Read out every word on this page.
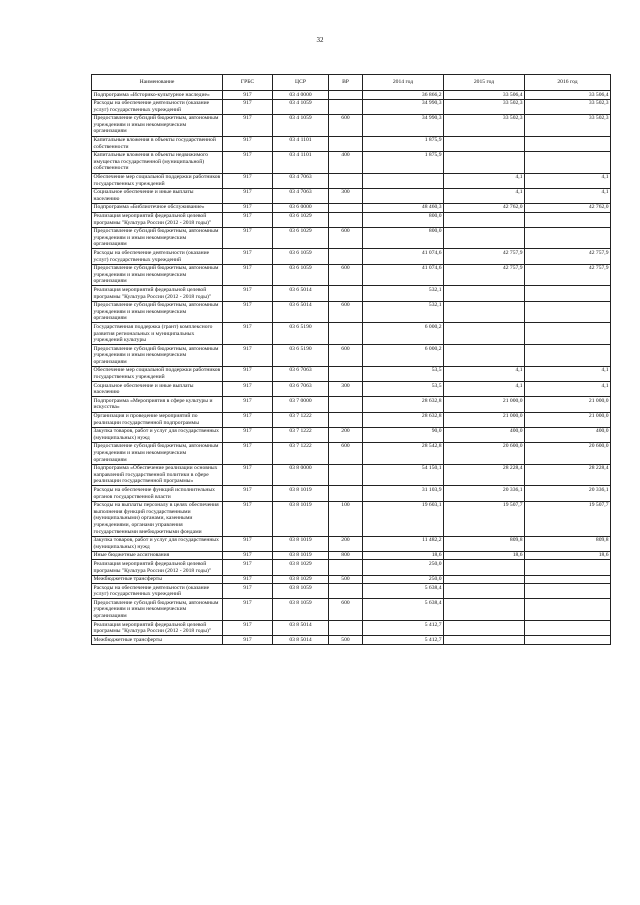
32
Наименование	ГРБС	ЦСР	ВР	2014 год	2015 год	2016 год
Подпрограмма «Историко-культурное наследие»	917	03 4 0000		36 866,2	33 506,4	33 506,4
Расходы на обеспечение деятельности (оказание услуг) государственных учреждений	917	03 4 1059		34 990,3	33 502,3	33 502,3
Предоставление субсидий бюджетным, автономным учреждениям и иным некоммерческим организациям	917	03 4 1059	600	34 990,3	33 502,3	33 502,3
Капитальные вложения в объекты государственной собственности	917	03 4 1101		1 875,9		
Капитальные вложения в объекты недвижимого имущества государственной (муниципальной) собственности	917	03 4 1101	400	1 875,9		
Обеспечение мер социальной поддержки работников государственных учреждений	917	03 4 7063			4,1	4,1
Социальное обеспечение и иные выплаты населению	917	03 4 7063	300		4,1	4,1
Подпрограмма «Библиотечное обслуживание»	917	03 6 0000		48 460,3	42 762,0	42 762,0
Реализация мероприятий федеральной целевой программы "Культура России (2012 - 2018 годы)"	917	03 6 1029		800,0		
Предоставление субсидий бюджетным, автономным учреждениям и иным некоммерческим организациям	917	03 6 1029	600	800,0		
Расходы на обеспечение деятельности (оказание услуг) государственных учреждений	917	03 6 1059		41 074,6	42 757,9	42 757,9
Предоставление субсидий бюджетным, автономным учреждениям и иным некоммерческим организациям	917	03 6 1059	600	41 074,6	42 757,9	42 757,9
Реализация мероприятий федеральной целевой программы "Культура России (2012 - 2018 годы)"	917	03 6 5014		532,1		
Предоставление субсидий бюджетным, автономным учреждениям и иным некоммерческим организациям	917	03 6 5014	600	532,1		
Государственная поддержка (грант) комплексного развития региональных и муниципальных учреждений культуры	917	03 6 5190		6 000,2		
Предоставление субсидий бюджетным, автономным учреждениям и иным некоммерческим организациям	917	03 6 5190	600	6 000,2		
Обеспечение мер социальной поддержки работников государственных учреждений	917	03 6 7063		53,5	4,1	4,1
Социальное обеспечение и иные выплаты населению	917	03 6 7063	300	53,5	4,1	4,1
Подпрограмма «Мероприятия в сфере культуры и искусства»	917	03 7 0000		28 632,8	21 000,0	21 000,0
Организация и проведение мероприятий по реализации государственной подпрограммы	917	03 7 1222		28 632,8	21 000,0	21 000,0
Закупка товаров, работ и услуг для государственных (муниципальных) нужд	917	03 7 1222	200	90,0	400,0	400,0
Предоставление субсидий бюджетным, автономным учреждениям и иным некоммерческим организациям	917	03 7 1222	600	28 542,8	20 600,0	20 600,0
Подпрограмма «Обеспечение реализации основных направлений государственной политики в сфере реализации государственной программы»	917	03 8 0000		54 150,1	28 228,4	28 228,4
Расходы на обеспечение функций исполнительных органов государственной власти	917	03 8 1019		31 103,9	20 336,1	20 336,1
Расходы на выплаты персоналу в целях обеспечения выполнения функций государственными (муниципальными) органами, казенными учреждениями, органами управления государственными внебюджетными фондами	917	03 8 1019	100	19 603,1	19 507,7	19 507,7
Закупка товаров, работ и услуг для государственных (муниципальных) нужд	917	03 8 1019	200	11 482,2	809,8	809,8
Иные бюджетные ассигнования	917	03 8 1019	800	18,6	18,6	18,6
Реализация мероприятий федеральной целевой программы "Культура России (2012 - 2018 годы)"	917	03 8 1029		250,0		
Межбюджетные трансферты	917	03 8 1029	500	250,0		
Расходы на обеспечение деятельности (оказание услуг) государственных учреждений	917	03 8 1059		5 638,4		
Предоставление субсидий бюджетным, автономным учреждениям и иным некоммерческим организациям	917	03 8 1059	600	5 638,4		
Реализация мероприятий федеральной целевой программы "Культура России (2012 - 2018 годы)"	917	03 8 5014		5 412,7		
Межбюджетные трансферты	917	03 8 5014	500	5 412,7		
